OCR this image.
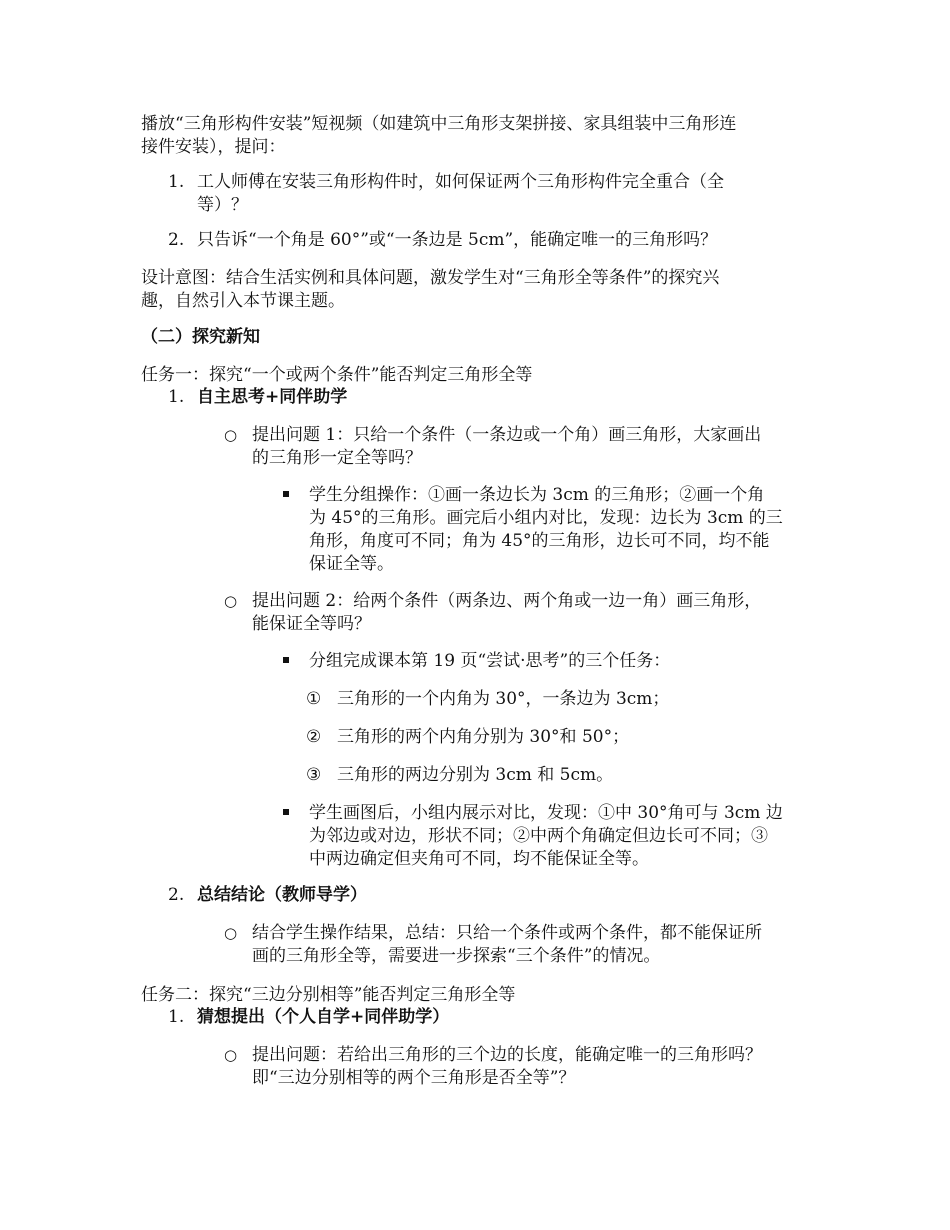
播放“三角形构件安装”短视频（如建筑中三角形支架拼接、家具组装中三角形连

接件安装），提问：

1. 工人师傅在安装三角形构件时，如何保证两个三角形构件完全重合（全

等）？

2. 只告诉“一个角是 60°”或“一条边是 5cm”，能确定唯一的三角形吗？

设计意图：结合生活实例和具体问题，激发学生对“三角形全等条件”的探究兴

趣，自然引入本节课主题。

（二）探究新知

任务一：探究“一个或两个条件”能否判定三角形全等

1. 自主思考+同伴助学

○ 提出问题 1：只给一个条件（一条边或一个角）画三角形，大家画出

的三角形一定全等吗？

学生分组操作：①画一条边长为 3cm 的三角形；②画一个角

为 45°的三角形。画完后小组内对比，发现：边长为 3cm 的三

角形，角度可不同；角为 45°的三角形，边长可不同，均不能

保证全等。

○ 提出问题 2：给两个条件（两条边、两个角或一边一角）画三角形，

能保证全等吗？

分组完成课本第 19 页“尝试·思考”的三个任务：

① 三角形的一个内角为 30°，一条边为 3cm；

② 三角形的两个内角分别为 30°和 50°；

③ 三角形的两边分别为 3cm 和 5cm。

学生画图后，小组内展示对比，发现：①中 30°角可与 3cm 边

为邻边或对边，形状不同；②中两个角确定但边长可不同；③

中两边确定但夹角可不同，均不能保证全等。

2. 总结结论（教师导学）

○ 结合学生操作结果，总结：只给一个条件或两个条件，都不能保证所

画的三角形全等，需要进一步探索“三个条件”的情况。

任务二：探究“三边分别相等”能否判定三角形全等

1. 猜想提出（个人自学+同伴助学）

○ 提出问题：若给出三角形的三个边的长度，能确定唯一的三角形吗？

即“三边分别相等的两个三角形是否全等”？
